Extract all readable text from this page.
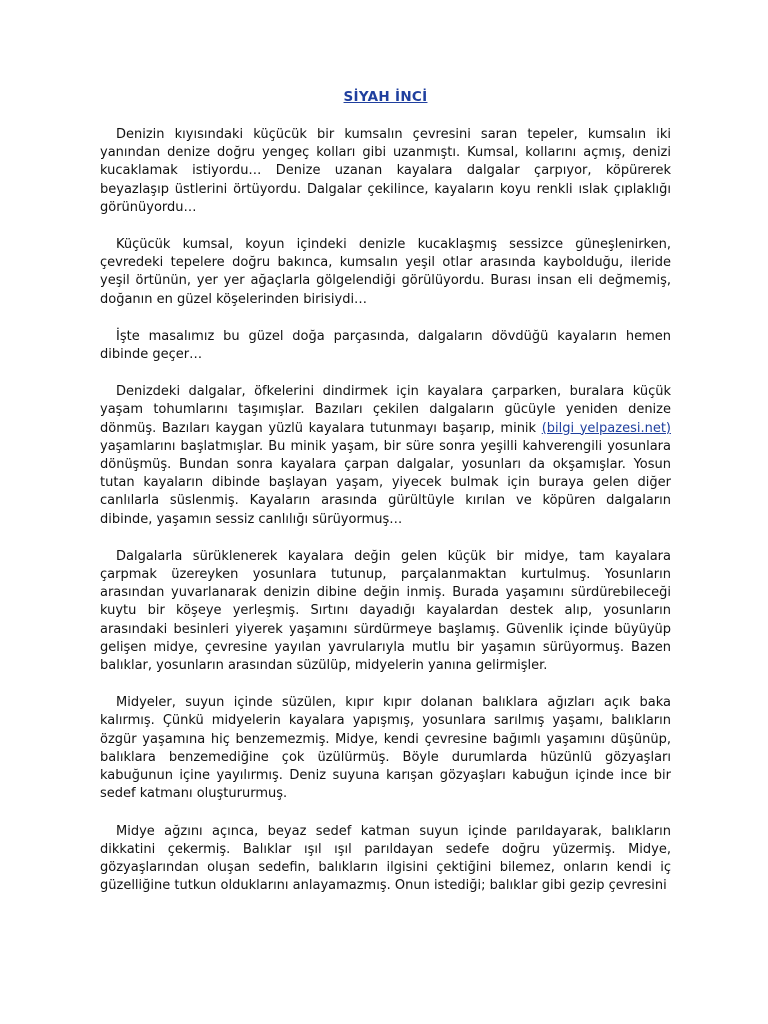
SİYAH İNCİ

Denizin kıyısındaki küçücük bir kumsalın çevresini saran tepeler, kumsalın iki yanından denize doğru yengeç kolları gibi uzanmıştı. Kumsal, kollarını açmış, denizi kucaklamak istiyordu… Denize uzanan kayalara dalgalar çarpıyor, köpürerek beyazlaşıp üstlerini örtüyordu. Dalgalar çekilince, kayaların koyu renkli ıslak çıplaklığı görünüyordu…

Küçücük kumsal, koyun içindeki denizle kucaklaşmış sessizce güneşlenirken, çevredeki tepelere doğru bakınca, kumsalın yeşil otlar arasında kaybolduğu, ileride yeşil örtünün, yer yer ağaçlarla gölgelendiği görülüyordu. Burası insan eli değmemiş, doğanın en güzel köşelerinden birisiydi…

İşte masalımız bu güzel doğa parçasında, dalgaların dövdüğü kayaların hemen dibinde geçer…

Denizdeki dalgalar, öfkelerini dindirmek için kayalara çarparken, buralara küçük yaşam tohumlarını taşımışlar. Bazıları çekilen dalgaların gücüyle yeniden denize dönmüş. Bazıları kaygan yüzlü kayalara tutunmayı başarıp, minik (bilgi yelpazesi.net) yaşamlarını başlatmışlar. Bu minik yaşam, bir süre sonra yeşilli kahverengili yosunlara dönüşmüş. Bundan sonra kayalara çarpan dalgalar, yosunları da okşamışlar. Yosun tutan kayaların dibinde başlayan yaşam, yiyecek bulmak için buraya gelen diğer canlılarla süslenmiş. Kayaların arasında gürültüyle kırılan ve köpüren dalgaların dibinde, yaşamın sessiz canlılığı sürüyormuş…

Dalgalarla sürüklenerek kayalara değin gelen küçük bir midye, tam kayalara çarpmak üzereyken yosunlara tutunup, parçalanmaktan kurtulmuş. Yosunların arasından yuvarlanarak denizin dibine değin inmiş. Burada yaşamını sürdürebileceği kuytu bir köşeye yerleşmiş. Sırtını dayadığı kayalardan destek alıp, yosunların arasındaki besinleri yiyerek yaşamını sürdürmeye başlamış. Güvenlik içinde büyüyüp gelişen midye, çevresine yayılan yavrularıyla mutlu bir yaşamın sürüyormuş. Bazen balıklar, yosunların arasından süzülüp, midyelerin yanına gelirmişler.

Midyeler, suyun içinde süzülen, kıpır kıpır dolanan balıklara ağızları açık baka kalırmış. Çünkü midyelerin kayalara yapışmış, yosunlara sarılmış yaşamı, balıkların özgür yaşamına hiç benzemezmiş. Midye, kendi çevresine bağımlı yaşamını düşünüp, balıklara benzemediğine çok üzülürmüş. Böyle durumlarda hüzünlü gözyaşları kabuğunun içine yayılırmış. Deniz suyuna karışan gözyaşları kabuğun içinde ince bir sedef katmanı oluştururmuş.

Midye ağzını açınca, beyaz sedef katman suyun içinde parıldayarak, balıkların dikkatini çekermiş. Balıklar ışıl ışıl parıldayan sedefe doğru yüzermiş. Midye, gözyaşlarından oluşan sedefin, balıkların ilgisini çektiğini bilemez, onların kendi iç güzelliğine tutkun olduklarını anlayamazmış. Onun istediği; balıklar gibi gezip çevresini
